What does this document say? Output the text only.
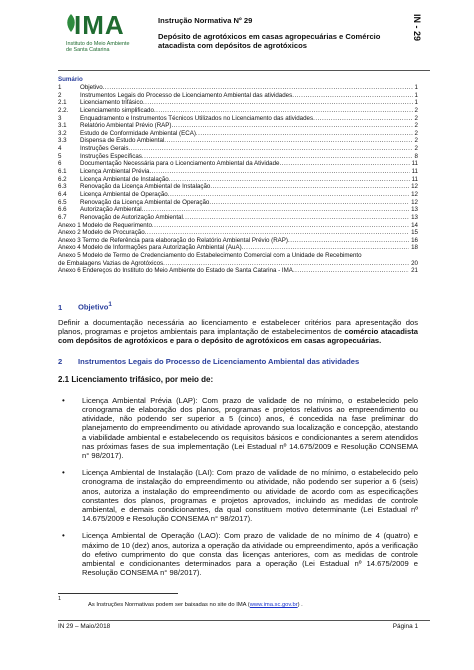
IMA
Instituto do Meio Ambiente
de Santa Catarina
Instrução Normativa Nº 29
Depósito de agrotóxicos em casas agropecuárias e Comércio atacadista com depósitos de agrotóxicos
IN - 29
Sumário
1	Objetivo .....	1
2	Instrumentos Legais do Processo de Licenciamento Ambiental das atividades .....	1
2.1	Licenciamento trifásico .....	1
2.2.	Licenciamento simplificado .....	2
3	Enquadramento e Instrumentos Técnicos Utilizados no Licenciamento das atividades .....	2
3.1	Relatório Ambiental Prévio (RAP) .....	2
3.2	Estudo de Conformidade Ambiental (ECA) .....	2
3.3	Dispensa de Estudo Ambiental .....	2
4	Instruções Gerais .....	2
5	Instruções Específicas .....	8
6	Documentação Necessária para o Licenciamento Ambiental da Atividade .....	11
6.1	Licença Ambiental Prévia .....	11
6.2	Licença Ambiental de Instalação .....	11
6.3	Renovação da Licença Ambiental de Instalação .....	12
6.4	Licença Ambiental de Operação .....	12
6.5	Renovação da Licença Ambiental de Operação .....	12
6.6	Autorização Ambiental .....	13
6.7	Renovação de Autorização Ambiental .....	13
Anexo 1 Modelo de Requerimento .....	14
Anexo 2 Modelo de Procuração .....	15
Anexo 3 Termo de Referência para elaboração do Relatório Ambiental Prévio (RAP) .....	16
Anexo 4 Modelo de Informações para Autorização Ambiental (AuA) .....	18
Anexo 5 Modelo de Termo de Credenciamento do Estabelecimento Comercial com a Unidade de Recebimento
de Embalagens Vazias de Agrotóxicos .....	20
Anexo 6 Endereços do Instituto do Meio Ambiente do Estado de Santa Catarina - IMA .....	21
1 Objetivo$^1$

Definir a documentação necessária ao licenciamento e estabelecer critérios para apresentação dos planos, programas e projetos ambientais para implantação de estabelecimentos de comércio atacadista com depósitos de agrotóxicos e para o depósito de agrotóxicos em casas agropecuárias.

2 Instrumentos Legais do Processo de Licenciamento Ambiental das atividades
2.1 Licenciamento trifásico, por meio de:
• Licença Ambiental Prévia (LAP): Com prazo de validade de no mínimo, o estabelecido pelo cronograma de elaboração dos planos, programas e projetos relativos ao empreendimento ou atividade, não podendo ser superior a 5 (cinco) anos, é concedida na fase preliminar do planejamento do empreendimento ou atividade aprovando sua localização e concepção, atestando a viabilidade ambiental e estabelecendo os requisitos básicos e condicionantes a serem atendidos nas próximas fases de sua implementação (Lei Estadual nº 14.675/2009 e Resolução CONSEMA n° 98/2017).
• Licença Ambiental de Instalação (LAI): Com prazo de validade de no mínimo, o estabelecido pelo cronograma de instalação do empreendimento ou atividade, não podendo ser superior a 6 (seis) anos, autoriza a instalação do empreendimento ou atividade de acordo com as especificações constantes dos planos, programas e projetos aprovados, incluindo as medidas de controle ambiental, e demais condicionantes, da qual constituem motivo determinante (Lei Estadual nº 14.675/2009 e Resolução CONSEMA n° 98/2017).
• Licença Ambiental de Operação (LAO): Com prazo de validade de no mínimo de 4 (quatro) e máximo de 10 (dez) anos, autoriza a operação da atividade ou empreendimento, após a verificação do efetivo cumprimento do que consta das licenças anteriores, com as medidas de controle ambiental e condicionantes determinados para a operação (Lei Estadual nº 14.675/2009 e Resolução CONSEMA n° 98/2017).
1
As Instruções Normativas podem ser baixadas no site do IMA (www.ima.sc.gov.br) .
IN 29 – Maio/2018	Página 1
